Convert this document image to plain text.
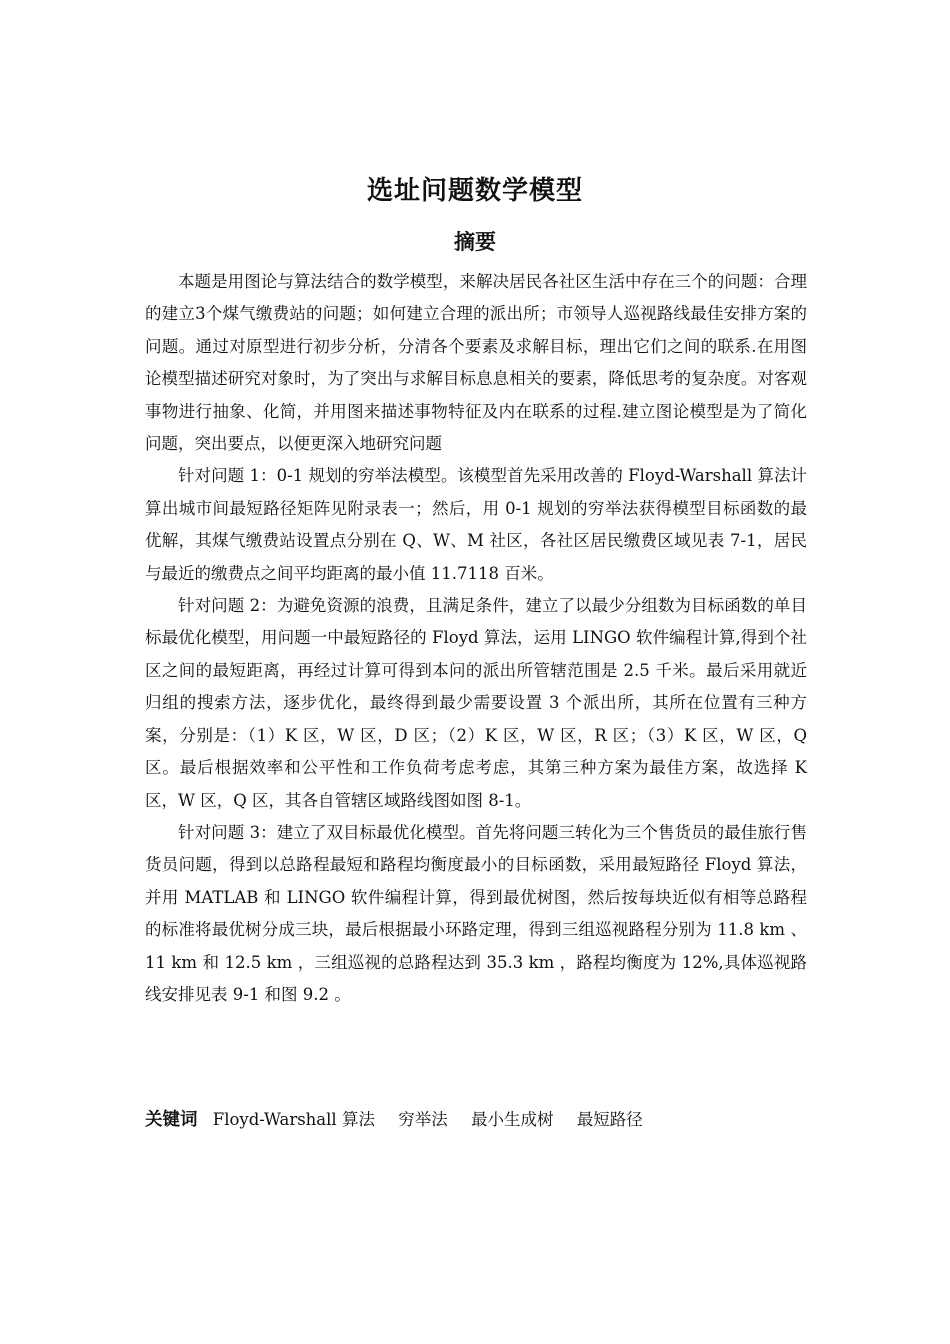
选址问题数学模型
摘要

本题是用图论与算法结合的数学模型，来解决居民各社区生活中存在三个的问题：合理的建立3个煤气缴费站的问题；如何建立合理的派出所；市领导人巡视路线最佳安排方案的问题。通过对原型进行初步分析，分清各个要素及求解目标，理出它们之间的联系.在用图论模型描述研究对象时，为了突出与求解目标息息相关的要素，降低思考的复杂度。对客观事物进行抽象、化简，并用图来描述事物特征及内在联系的过程.建立图论模型是为了简化问题，突出要点，以便更深入地研究问题

针对问题 1：0-1 规划的穷举法模型。该模型首先采用改善的 Floyd-Warshall 算法计算出城市间最短路径矩阵见附录表一；然后，用 0-1 规划的穷举法获得模型目标函数的最优解，其煤气缴费站设置点分别在 Q、W、M 社区，各社区居民缴费区域见表 7-1，居民与最近的缴费点之间平均距离的最小值 11.7118 百米。

针对问题 2：为避免资源的浪费，且满足条件，建立了以最少分组数为目标函数的单目标最优化模型，用问题一中最短路径的 Floyd 算法，运用 LINGO 软件编程计算,得到个社区之间的最短距离，再经过计算可得到本问的派出所管辖范围是 2.5 千米。最后采用就近归组的搜索方法，逐步优化，最终得到最少需要设置 3 个派出所，其所在位置有三种方案，分别是：（1）K 区，W 区，D 区；（2）K 区，W 区，R 区；（3）K 区，W 区，Q 区。最后根据效率和公平性和工作负荷考虑考虑，其第三种方案为最佳方案，故选择 K 区，W 区，Q 区，其各自管辖区域路线图如图 8-1。

针对问题 3：建立了双目标最优化模型。首先将问题三转化为三个售货员的最佳旅行售货员问题，得到以总路程最短和路程均衡度最小的目标函数，采用最短路径 Floyd 算法，并用 MATLAB 和 LINGO 软件编程计算，得到最优树图，然后按每块近似有相等总路程的标准将最优树分成三块，最后根据最小环路定理，得到三组巡视路程分别为 11.8 km 、11 km 和 12.5 km ，三组巡视的总路程达到 35.3 km ，路程均衡度为 12%,具体巡视路线安排见表 9-1 和图 9.2 。

关键词 Floyd-Warshall 算法 穷举法 最小生成树 最短路径
